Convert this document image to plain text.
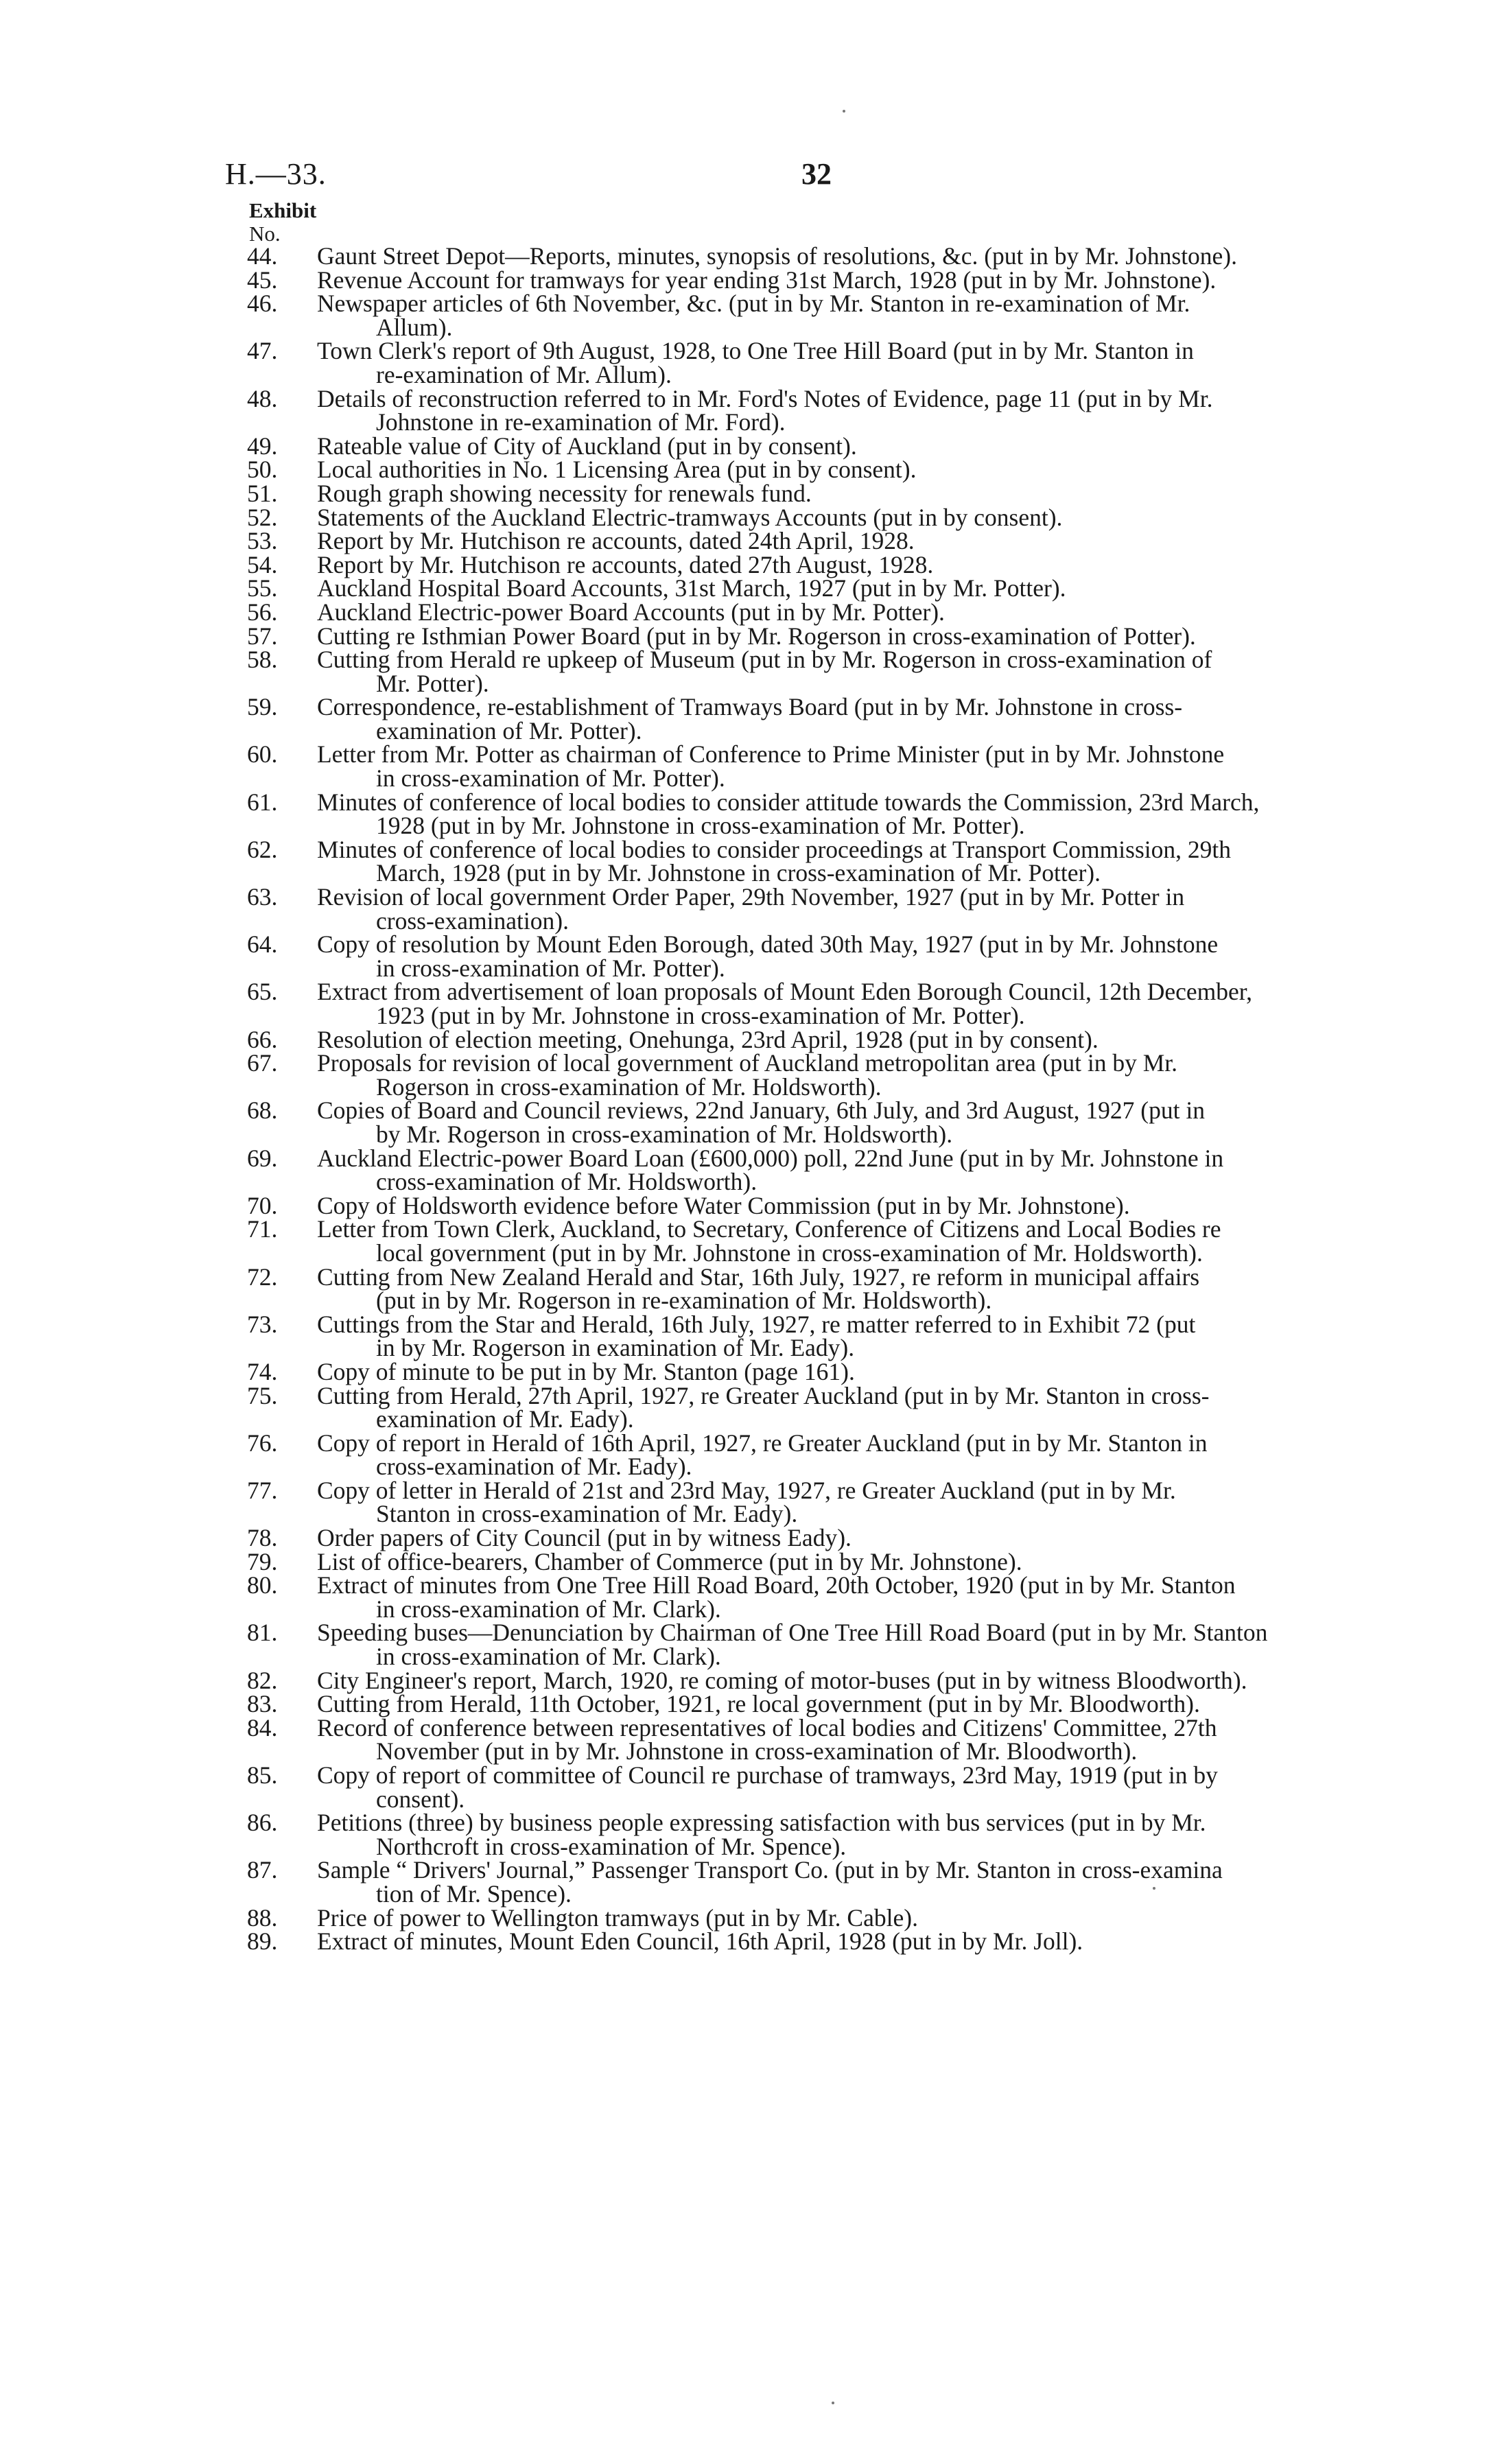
H.—33.	32
Exhibit
No.
44.	Gaunt Street Depot—Reports, minutes, synopsis of resolutions, &c. (put in by Mr. Johnstone).
45.	Revenue Account for tramways for year ending 31st March, 1928 (put in by Mr. Johnstone).
46.	Newspaper articles of 6th November, &c. (put in by Mr. Stanton in re-examination of Mr.
Allum).
47.	Town Clerk's report of 9th August, 1928, to One Tree Hill Board (put in by Mr. Stanton in
re-examination of Mr. Allum).
48.	Details of reconstruction referred to in Mr. Ford's Notes of Evidence, page 11 (put in by Mr.
Johnstone in re-examination of Mr. Ford).
49.	Rateable value of City of Auckland (put in by consent).
50.	Local authorities in No. 1 Licensing Area (put in by consent).
51.	Rough graph showing necessity for renewals fund.
52.	Statements of the Auckland Electric-tramways Accounts (put in by consent).
53.	Report by Mr. Hutchison re accounts, dated 24th April, 1928.
54.	Report by Mr. Hutchison re accounts, dated 27th August, 1928.
55.	Auckland Hospital Board Accounts, 31st March, 1927 (put in by Mr. Potter).
56.	Auckland Electric-power Board Accounts (put in by Mr. Potter).
57.	Cutting re Isthmian Power Board (put in by Mr. Rogerson in cross-examination of Potter).
58.	Cutting from Herald re upkeep of Museum (put in by Mr. Rogerson in cross-examination of
Mr. Potter).
59.	Correspondence, re-establishment of Tramways Board (put in by Mr. Johnstone in cross-
examination of Mr. Potter).
60.	Letter from Mr. Potter as chairman of Conference to Prime Minister (put in by Mr. Johnstone
in cross-examination of Mr. Potter).
61.	Minutes of conference of local bodies to consider attitude towards the Commission, 23rd March,
1928 (put in by Mr. Johnstone in cross-examination of Mr. Potter).
62.	Minutes of conference of local bodies to consider proceedings at Transport Commission, 29th
March, 1928 (put in by Mr. Johnstone in cross-examination of Mr. Potter).
63.	Revision of local government Order Paper, 29th November, 1927 (put in by Mr. Potter in
cross-examination).
64.	Copy of resolution by Mount Eden Borough, dated 30th May, 1927 (put in by Mr. Johnstone
in cross-examination of Mr. Potter).
65.	Extract from advertisement of loan proposals of Mount Eden Borough Council, 12th December,
1923 (put in by Mr. Johnstone in cross-examination of Mr. Potter).
66.	Resolution of election meeting, Onehunga, 23rd April, 1928 (put in by consent).
67.	Proposals for revision of local government of Auckland metropolitan area (put in by Mr.
Rogerson in cross-examination of Mr. Holdsworth).
68.	Copies of Board and Council reviews, 22nd January, 6th July, and 3rd August, 1927 (put in
by Mr. Rogerson in cross-examination of Mr. Holdsworth).
69.	Auckland Electric-power Board Loan (£600,000) poll, 22nd June (put in by Mr. Johnstone in
cross-examination of Mr. Holdsworth).
70.	Copy of Holdsworth evidence before Water Commission (put in by Mr. Johnstone).
71.	Letter from Town Clerk, Auckland, to Secretary, Conference of Citizens and Local Bodies re
local government (put in by Mr. Johnstone in cross-examination of Mr. Holdsworth).
72.	Cutting from New Zealand Herald and Star, 16th July, 1927, re reform in municipal affairs
(put in by Mr. Rogerson in re-examination of Mr. Holdsworth).
73.	Cuttings from the Star and Herald, 16th July, 1927, re matter referred to in Exhibit 72 (put
in by Mr. Rogerson in examination of Mr. Eady).
74.	Copy of minute to be put in by Mr. Stanton (page 161).
75.	Cutting from Herald, 27th April, 1927, re Greater Auckland (put in by Mr. Stanton in cross-
examination of Mr. Eady).
76.	Copy of report in Herald of 16th April, 1927, re Greater Auckland (put in by Mr. Stanton in
cross-examination of Mr. Eady).
77.	Copy of letter in Herald of 21st and 23rd May, 1927, re Greater Auckland (put in by Mr.
Stanton in cross-examination of Mr. Eady).
78.	Order papers of City Council (put in by witness Eady).
79.	List of office-bearers, Chamber of Commerce (put in by Mr. Johnstone).
80.	Extract of minutes from One Tree Hill Road Board, 20th October, 1920 (put in by Mr. Stanton
in cross-examination of Mr. Clark).
81.	Speeding buses—Denunciation by Chairman of One Tree Hill Road Board (put in by Mr. Stanton
in cross-examination of Mr. Clark).
82.	City Engineer's report, March, 1920, re coming of motor-buses (put in by witness Bloodworth).
83.	Cutting from Herald, 11th October, 1921, re local government (put in by Mr. Bloodworth).
84.	Record of conference between representatives of local bodies and Citizens' Committee, 27th
November (put in by Mr. Johnstone in cross-examination of Mr. Bloodworth).
85.	Copy of report of committee of Council re purchase of tramways, 23rd May, 1919 (put in by
consent).
86.	Petitions (three) by business people expressing satisfaction with bus services (put in by Mr.
Northcroft in cross-examination of Mr. Spence).
87.	Sample “ Drivers' Journal,” Passenger Transport Co. (put in by Mr. Stanton in cross-examina
tion of Mr. Spence).
88.	Price of power to Wellington tramways (put in by Mr. Cable).
89.	Extract of minutes, Mount Eden Council, 16th April, 1928 (put in by Mr. Joll).
